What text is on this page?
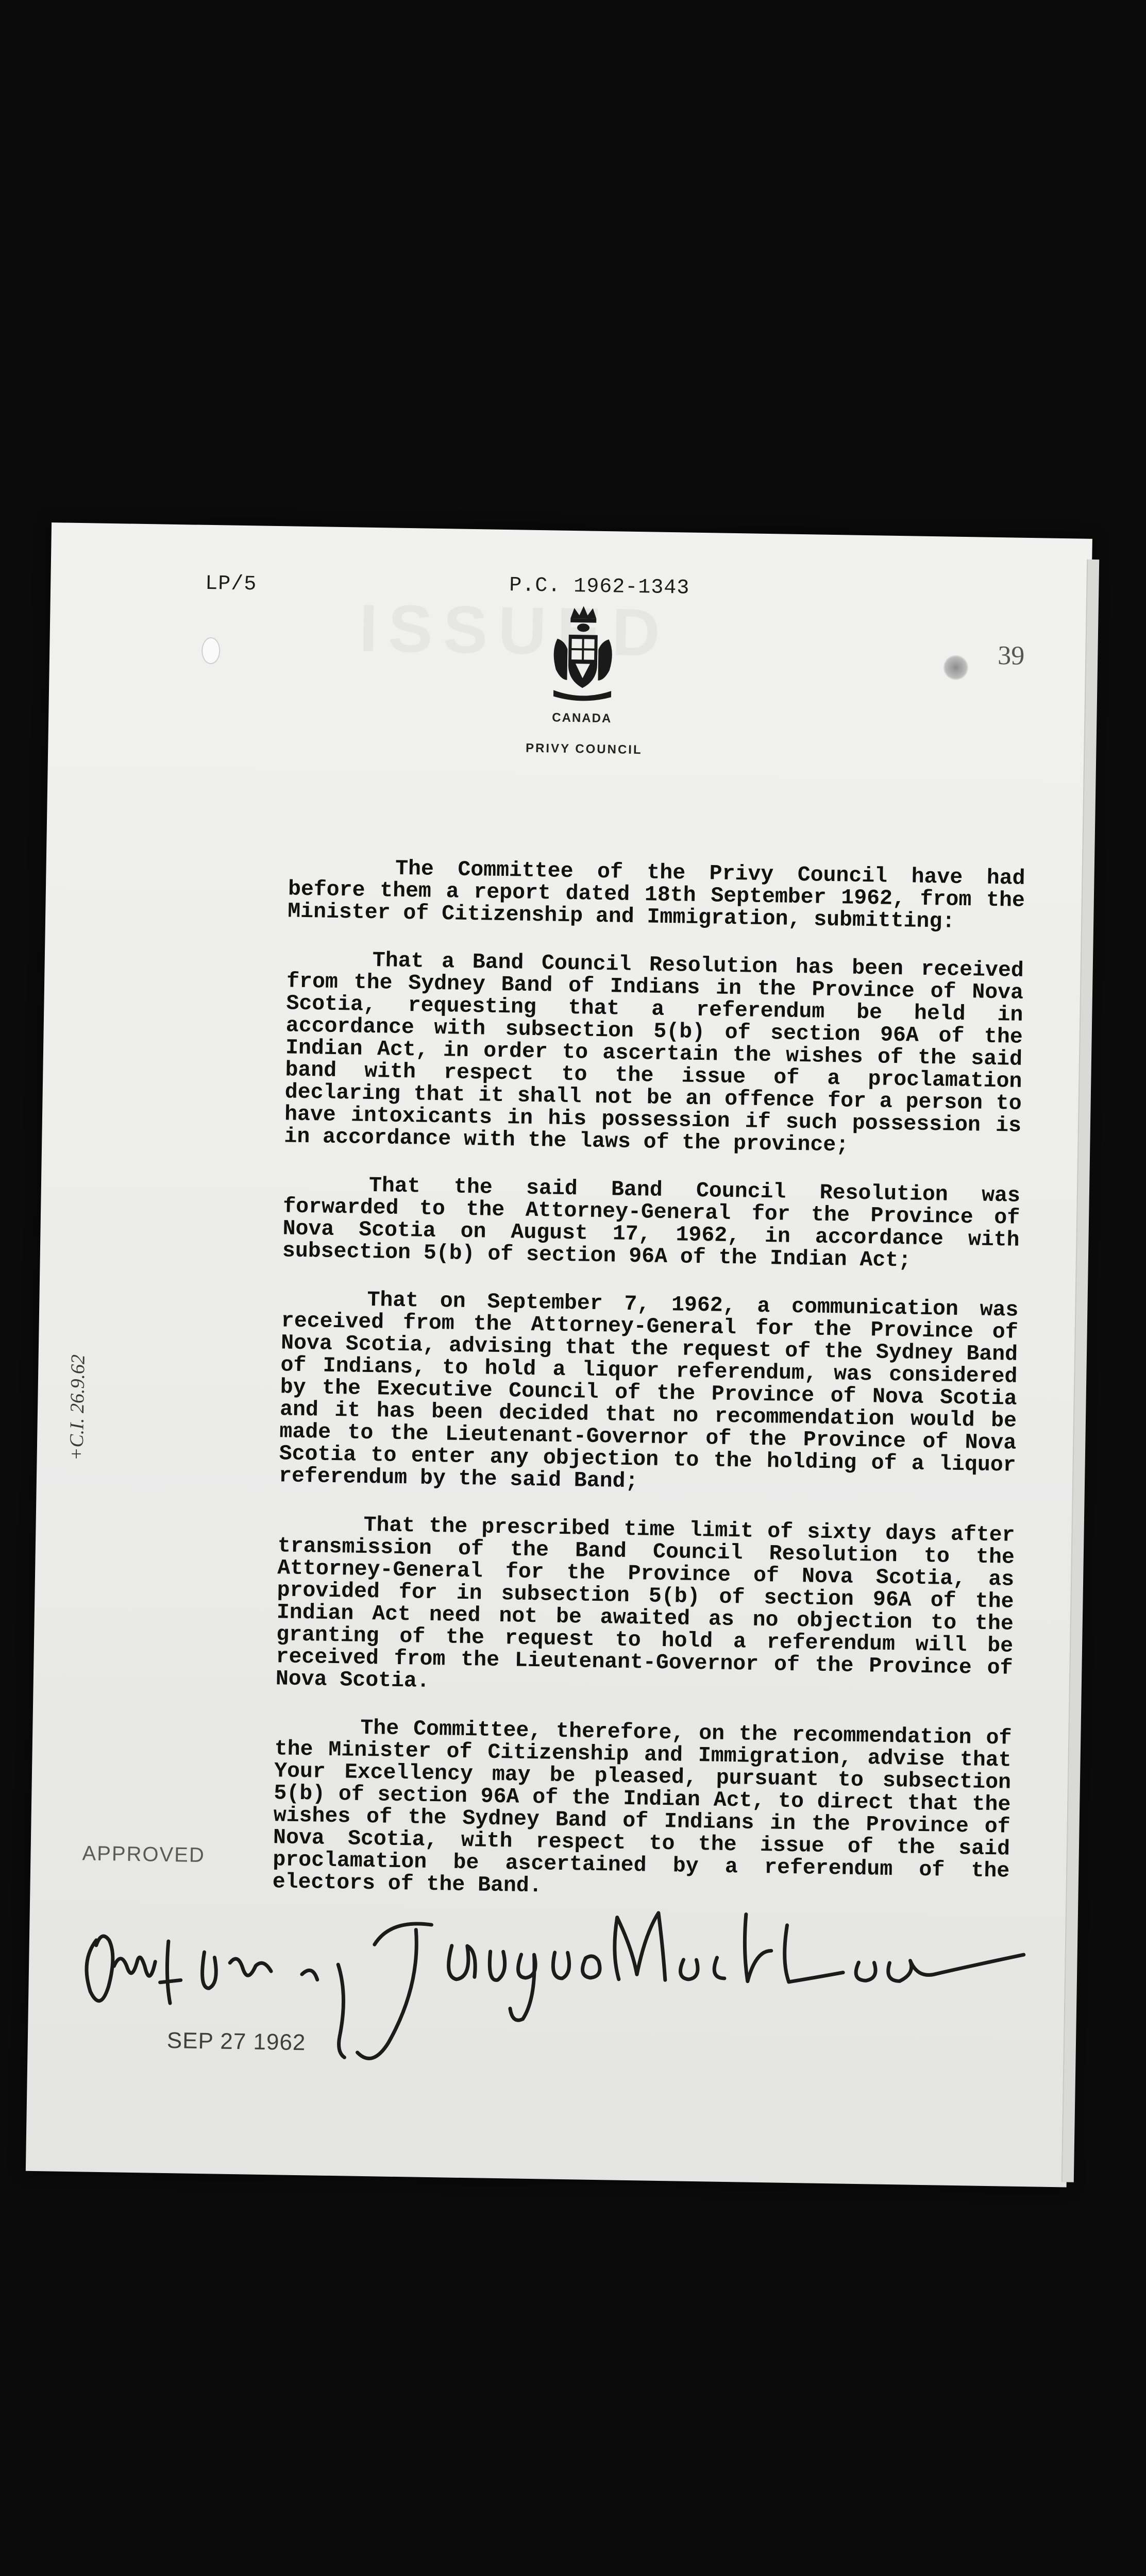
LP/5	P.C. 1962-1343
39
CANADA
PRIVY COUNCIL

The Committee of the Privy Council have had before them a report dated 18th September 1962, from the Minister of Citizenship and Immigration, submitting:

That a Band Council Resolution has been received from the Sydney Band of Indians in the Province of Nova Scotia, requesting that a referendum be held in accordance with subsection 5(b) of section 96A of the Indian Act, in order to ascertain the wishes of the said band with respect to the issue of a proclamation declaring that it shall not be an offence for a person to have intoxicants in his possession if such possession is in accordance with the laws of the province;

That the said Band Council Resolution was forwarded to the Attorney-General for the Province of Nova Scotia on August 17, 1962, in accordance with subsection 5(b) of section 96A of the Indian Act;

That on September 7, 1962, a communication was received from the Attorney-General for the Province of Nova Scotia, advising that the request of the Sydney Band of Indians, to hold a liquor referendum, was considered by the Executive Council of the Province of Nova Scotia and it has been decided that no recommendation would be made to the Lieutenant-Governor of the Province of Nova Scotia to enter any objection to the holding of a liquor referendum by the said Band;

That the prescribed time limit of sixty days after transmission of the Band Council Resolution to the Attorney-General for the Province of Nova Scotia, as provided for in subsection 5(b) of section 96A of the Indian Act need not be awaited as no objection to the granting of the request to hold a referendum will be received from the Lieutenant-Governor of the Province of Nova Scotia.

The Committee, therefore, on the recommendation of the Minister of Citizenship and Immigration, advise that Your Excellency may be pleased, pursuant to subsection 5(b) of section 96A of the Indian Act, to direct that the wishes of the Sydney Band of Indians in the Province of Nova Scotia, with respect to the issue of the said proclamation be ascertained by a referendum of the electors of the Band.

+C.I. 26.9.62
APPROVED
SEP 27 1962
